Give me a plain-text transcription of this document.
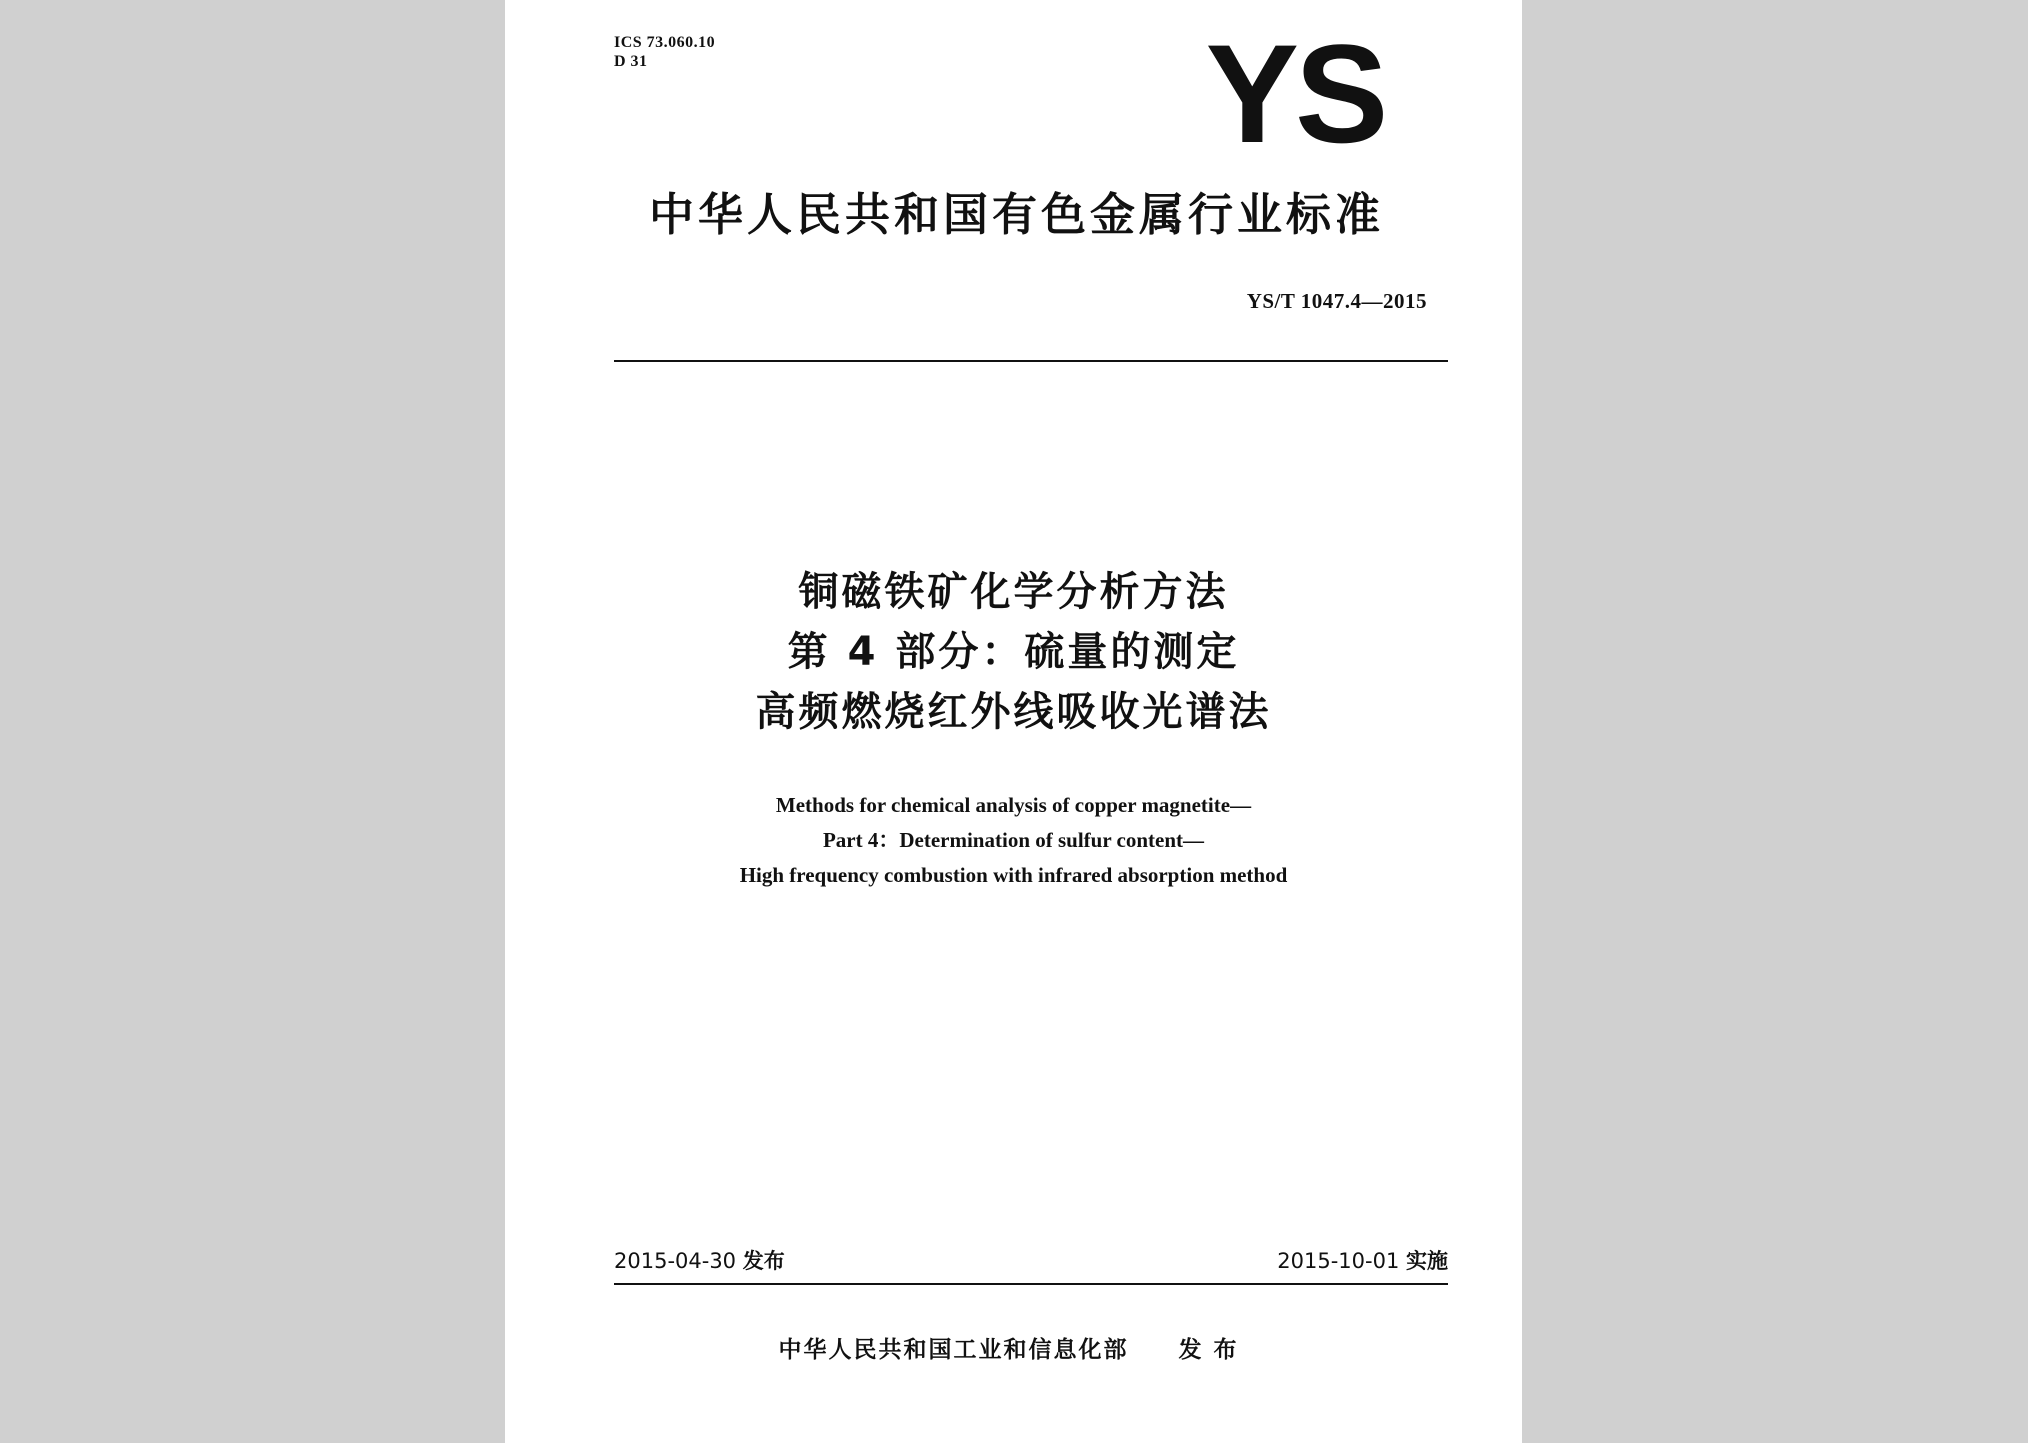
ICS 73.060.10
D 31	YS
中华人民共和国有色金属行业标准
YS/T 1047.4—2015
铜磁铁矿化学分析方法
第 4 部分：硫量的测定
高频燃烧红外线吸收光谱法
Methods for chemical analysis of copper magnetite—
Part 4：Determination of sulfur content—
High frequency combustion with infrared absorption method
2015-04-30 发布	2015-10-01 实施
中华人民共和国工业和信息化部 发布
